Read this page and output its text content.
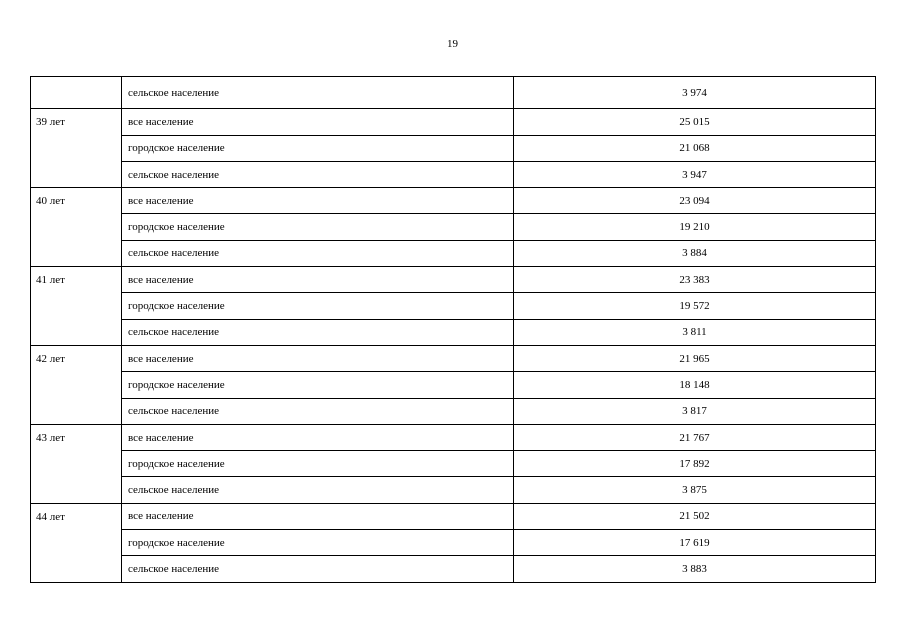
19
	сельское население	3 974
39 лет	все население	25 015
	городское население	21 068
	сельское население	3 947
40 лет	все население	23 094
	городское население	19 210
	сельское население	3 884
41 лет	все население	23 383
	городское население	19 572
	сельское население	3 811
42 лет	все население	21 965
	городское население	18 148
	сельское население	3 817
43 лет	все население	21 767
	городское население	17 892
	сельское население	3 875
44 лет	все население	21 502
	городское население	17 619
	сельское население	3 883
